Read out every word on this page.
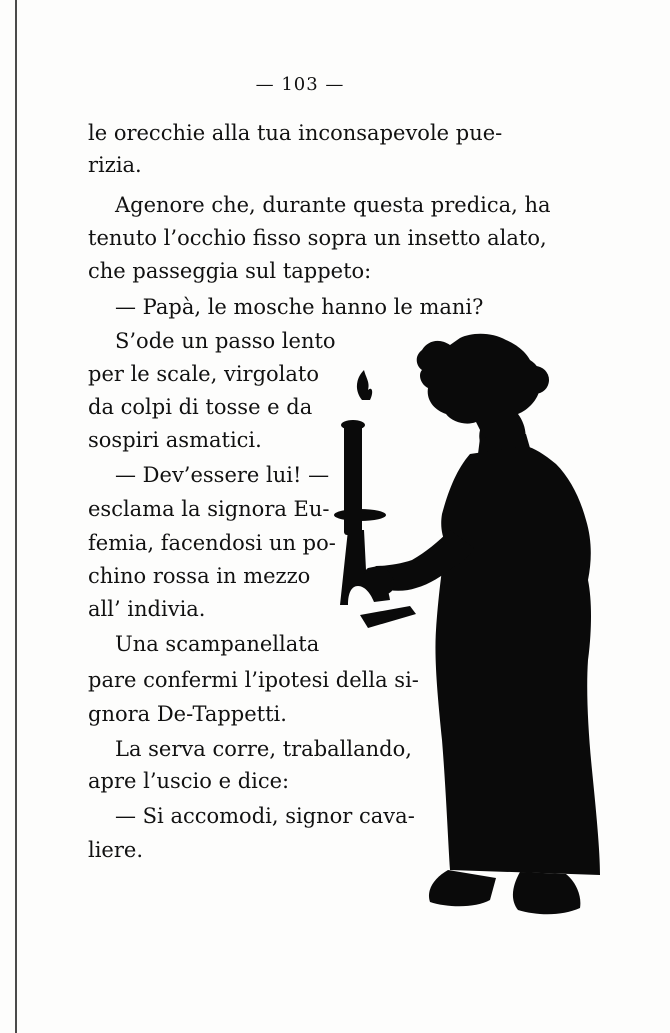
— 103 —
le orecchie alla tua inconsapevole pue-
rizia.
Agenore che, durante questa predica, ha
tenuto l’occhio fisso sopra un insetto alato,
che passeggia sul tappeto:
— Papà, le mosche hanno le mani?
S’ode un passo lento
per le scale, virgolato
da colpi di tosse e da
sospiri asmatici.
— Dev’essere lui! —
esclama la signora Eu-
femia, facendosi un po-
chino rossa in mezzo
all’ indivia.
Una scampanellata
pare confermi l’ipotesi della si-
gnora De-Tappetti.
La serva corre, traballando,
apre l’uscio e dice:
— Si accomodi, signor cava-
liere.
